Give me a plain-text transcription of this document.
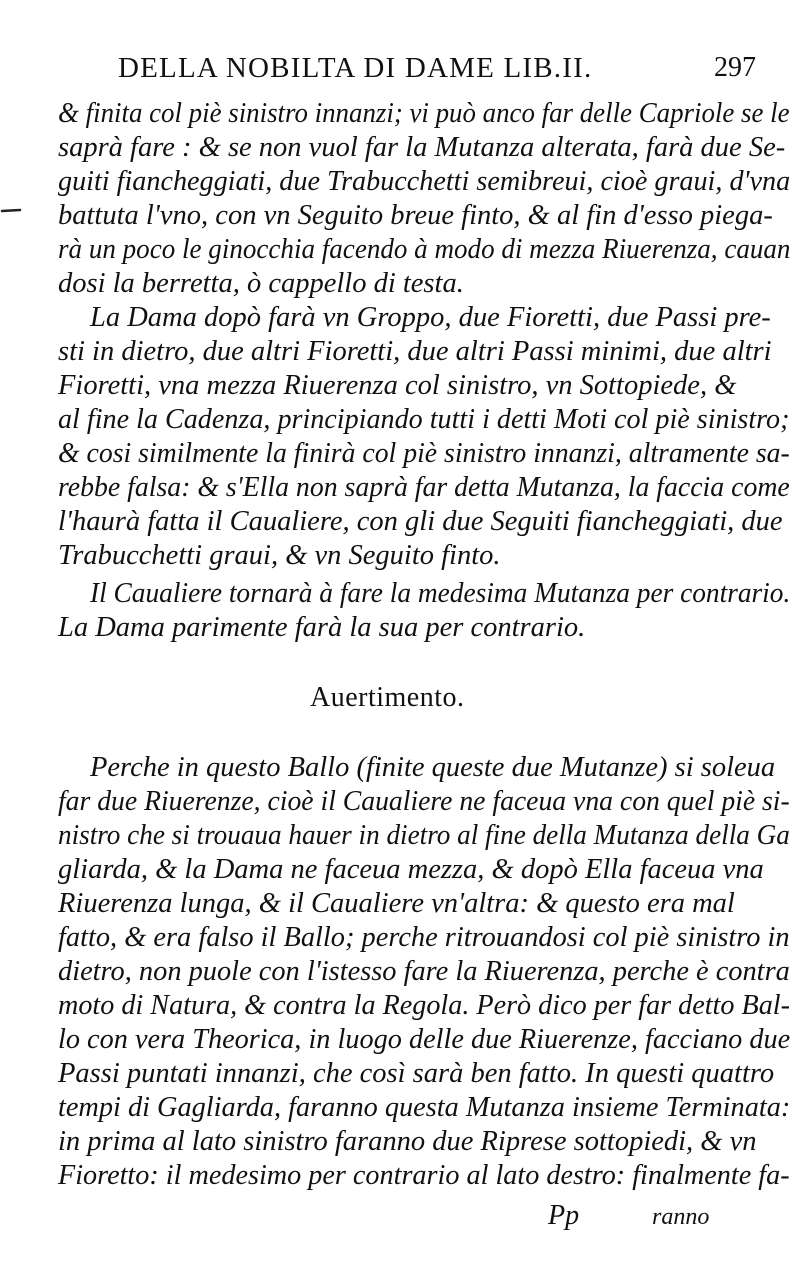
DELLA NOBILTA DI DAME LIB.II.	297
& finita col piè sinistro innanzi; vi può anco far delle Capriole se le
saprà fare : & se non vuol far la Mutanza alterata, farà due Se-
guiti fiancheggiati, due Trabucchetti semibreui, cioè graui, d'vna
battuta l'vno, con vn Seguito breue finto, & al fin d'esso piega-
rà un poco le ginocchia facendo à modo di mezza Riuerenza, cauan
dosi la berretta, ò cappello di testa.
La Dama dopò farà vn Groppo, due Fioretti, due Passi pre-
sti in dietro, due altri Fioretti, due altri Passi minimi, due altri
Fioretti, vna mezza Riuerenza col sinistro, vn Sottopiede, &
al fine la Cadenza, principiando tutti i detti Moti col piè sinistro;
& cosi similmente la finirà col piè sinistro innanzi, altramente sa-
rebbe falsa: & s'Ella non saprà far detta Mutanza, la faccia come
l'haurà fatta il Caualiere, con gli due Seguiti fiancheggiati, due
Trabucchetti graui, & vn Seguito finto.
Il Caualiere tornarà à fare la medesima Mutanza per contrario.
La Dama parimente farà la sua per contrario.
Auertimento.
Perche in questo Ballo (finite queste due Mutanze) si soleua
far due Riuerenze, cioè il Caualiere ne faceua vna con quel piè si-
nistro che si trouaua hauer in dietro al fine della Mutanza della Ga
gliarda, & la Dama ne faceua mezza, & dopò Ella faceua vna
Riuerenza lunga, & il Caualiere vn'altra: & questo era mal
fatto, & era falso il Ballo; perche ritrouandosi col piè sinistro in
dietro, non puole con l'istesso fare la Riuerenza, perche è contra
moto di Natura, & contra la Regola. Però dico per far detto Bal-
lo con vera Theorica, in luogo delle due Riuerenze, facciano due
Passi puntati innanzi, che così sarà ben fatto. In questi quattro
tempi di Gagliarda, faranno questa Mutanza insieme Terminata:
in prima al lato sinistro faranno due Riprese sottopiedi, & vn
Fioretto: il medesimo per contrario al lato destro: finalmente fa-
Pp	ranno
